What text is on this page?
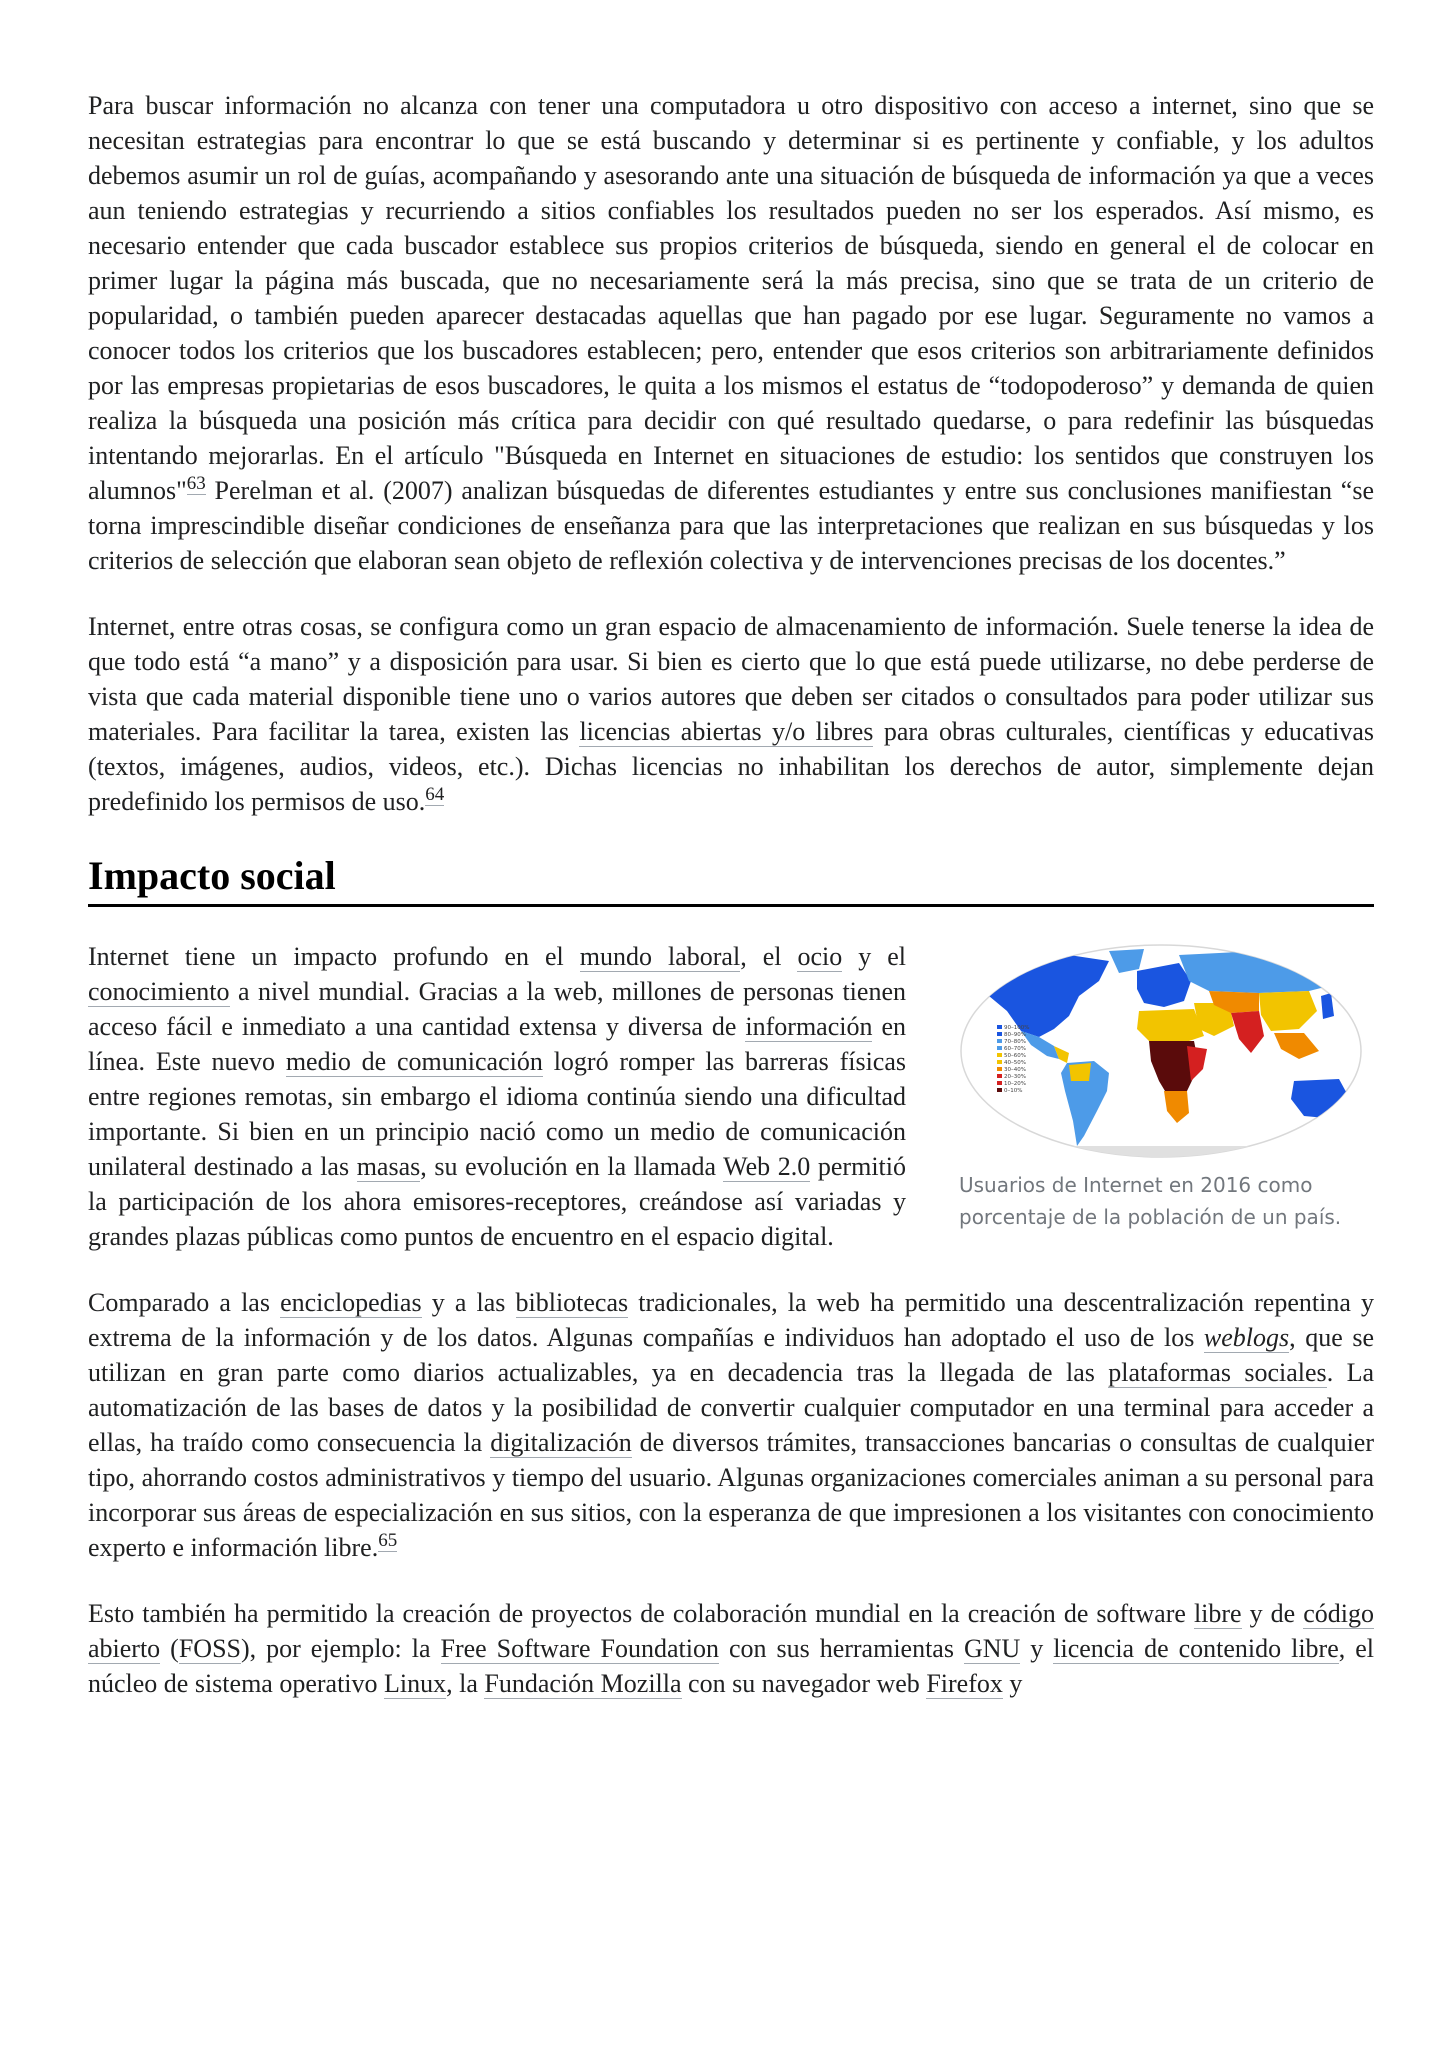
Para buscar información no alcanza con tener una computadora u otro dispositivo con acceso a internet, sino que se necesitan estrategias para encontrar lo que se está buscando y determinar si es pertinente y confiable, y los adultos debemos asumir un rol de guías, acompañando y asesorando ante una situación de búsqueda de información ya que a veces aun teniendo estrategias y recurriendo a sitios confiables los resultados pueden no ser los esperados. Así mismo, es necesario entender que cada buscador establece sus propios criterios de búsqueda, siendo en general el de colocar en primer lugar la página más buscada, que no necesariamente será la más precisa, sino que se trata de un criterio de popularidad, o también pueden aparecer destacadas aquellas que han pagado por ese lugar. Seguramente no vamos a conocer todos los criterios que los buscadores establecen; pero, entender que esos criterios son arbitrariamente definidos por las empresas propietarias de esos buscadores, le quita a los mismos el estatus de “todopoderoso” y demanda de quien realiza la búsqueda una posición más crítica para decidir con qué resultado quedarse, o para redefinir las búsquedas intentando mejorarlas. En el artículo "Búsqueda en Internet en situaciones de estudio: los sentidos que construyen los alumnos"$^{63}$ Perelman et al. (2007) analizan búsquedas de diferentes estudiantes y entre sus conclusiones manifiestan “se torna imprescindible diseñar condiciones de enseñanza para que las interpretaciones que realizan en sus búsquedas y los criterios de selección que elaboran sean objeto de reflexión colectiva y de intervenciones precisas de los docentes.”

Internet, entre otras cosas, se configura como un gran espacio de almacenamiento de información. Suele tenerse la idea de que todo está “a mano” y a disposición para usar. Si bien es cierto que lo que está puede utilizarse, no debe perderse de vista que cada material disponible tiene uno o varios autores que deben ser citados o consultados para poder utilizar sus materiales. Para facilitar la tarea, existen las licencias abiertas y/o libres para obras culturales, científicas y educativas (textos, imágenes, audios, videos, etc.). Dichas licencias no inhabilitan los derechos de autor, simplemente dejan predefinido los permisos de uso.$^{64}$

Impacto social
90–100%
80–90%
70–80%
60–70%
50–60%
40–50%
30–40%
20–30%
10–20%
0–10%
Usuarios de Internet en 2016 como porcentaje de la población de un país.

Internet tiene un impacto profundo en el mundo laboral, el ocio y el conocimiento a nivel mundial. Gracias a la web, millones de personas tienen acceso fácil e inmediato a una cantidad extensa y diversa de información en línea. Este nuevo medio de comunicación logró romper las barreras físicas entre regiones remotas, sin embargo el idioma continúa siendo una dificultad importante. Si bien en un principio nació como un medio de comunicación unilateral destinado a las masas, su evolución en la llamada Web 2.0 permitió la participación de los ahora emisores-receptores, creándose así variadas y grandes plazas públicas como puntos de encuentro en el espacio digital.

Comparado a las enciclopedias y a las bibliotecas tradicionales, la web ha permitido una descentralización repentina y extrema de la información y de los datos. Algunas compañías e individuos han adoptado el uso de los weblogs, que se utilizan en gran parte como diarios actualizables, ya en decadencia tras la llegada de las plataformas sociales. La automatización de las bases de datos y la posibilidad de convertir cualquier computador en una terminal para acceder a ellas, ha traído como consecuencia la digitalización de diversos trámites, transacciones bancarias o consultas de cualquier tipo, ahorrando costos administrativos y tiempo del usuario. Algunas organizaciones comerciales animan a su personal para incorporar sus áreas de especialización en sus sitios, con la esperanza de que impresionen a los visitantes con conocimiento experto e información libre.$^{65}$

Esto también ha permitido la creación de proyectos de colaboración mundial en la creación de software libre y de código abierto (FOSS), por ejemplo: la Free Software Foundation con sus herramientas GNU y licencia de contenido libre, el núcleo de sistema operativo Linux, la Fundación Mozilla con su navegador web Firefox y
